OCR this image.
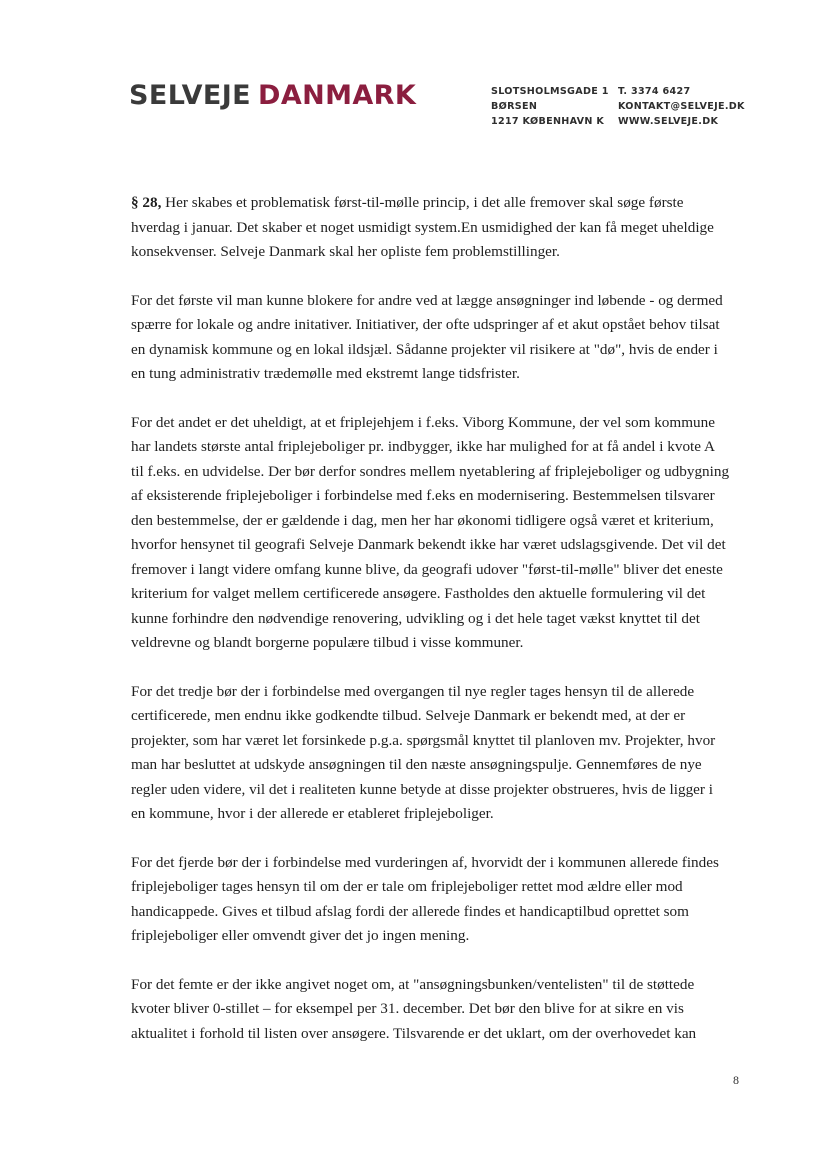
SELVEJE DANMARK	SLOTSHOLMSGADE 1
BØRSEN
1217 KØBENHAVN K
T. 3374 6427
KONTAKT@SELVEJE.DK
WWW.SELVEJE.DK

§ 28, Her skabes et problematisk først-til-mølle princip, i det alle fremover skal søge første
hverdag i januar. Det skaber et noget usmidigt system.En usmidighed der kan få meget uheldige
konsekvenser. Selveje Danmark skal her opliste fem problemstillinger.

For det første vil man kunne blokere for andre ved at lægge ansøgninger ind løbende - og dermed
spærre for lokale og andre initativer. Initiativer, der ofte udspringer af et akut opstået behov tilsat
en dynamisk kommune og en lokal ildsjæl. Sådanne projekter vil risikere at "dø", hvis de ender i
en tung administrativ trædemølle med ekstremt lange tidsfrister.

For det andet er det uheldigt, at et friplejehjem i f.eks. Viborg Kommune, der vel som kommune
har landets største antal friplejeboliger pr. indbygger, ikke har mulighed for at få andel i kvote A
til f.eks. en udvidelse. Der bør derfor sondres mellem nyetablering af friplejeboliger og udbygning
af eksisterende friplejeboliger i forbindelse med f.eks en modernisering. Bestemmelsen tilsvarer
den bestemmelse, der er gældende i dag, men her har økonomi tidligere også været et kriterium,
hvorfor hensynet til geografi Selveje Danmark bekendt ikke har været udslagsgivende. Det vil det
fremover i langt videre omfang kunne blive, da geografi udover "først-til-mølle" bliver det eneste
kriterium for valget mellem certificerede ansøgere. Fastholdes den aktuelle formulering vil det
kunne forhindre den nødvendige renovering, udvikling og i det hele taget vækst knyttet til det
veldrevne og blandt borgerne populære tilbud i visse kommuner.

For det tredje bør der i forbindelse med overgangen til nye regler tages hensyn til de allerede
certificerede, men endnu ikke godkendte tilbud. Selveje Danmark er bekendt med, at der er
projekter, som har været let forsinkede p.g.a. spørgsmål knyttet til planloven mv. Projekter, hvor
man har besluttet at udskyde ansøgningen til den næste ansøgningspulje. Gennemføres de nye
regler uden videre, vil det i realiteten kunne betyde at disse projekter obstrueres, hvis de ligger i
en kommune, hvor i der allerede er etableret friplejeboliger.

For det fjerde bør der i forbindelse med vurderingen af, hvorvidt der i kommunen allerede findes
friplejeboliger tages hensyn til om der er tale om friplejeboliger rettet mod ældre eller mod
handicappede. Gives et tilbud afslag fordi der allerede findes et handicaptilbud oprettet som
friplejeboliger eller omvendt giver det jo ingen mening.

For det femte er der ikke angivet noget om, at "ansøgningsbunken/ventelisten" til de støttede
kvoter bliver 0-stillet – for eksempel per 31. december. Det bør den blive for at sikre en vis
aktualitet i forhold til listen over ansøgere. Tilsvarende er det uklart, om der overhovedet kan

8
